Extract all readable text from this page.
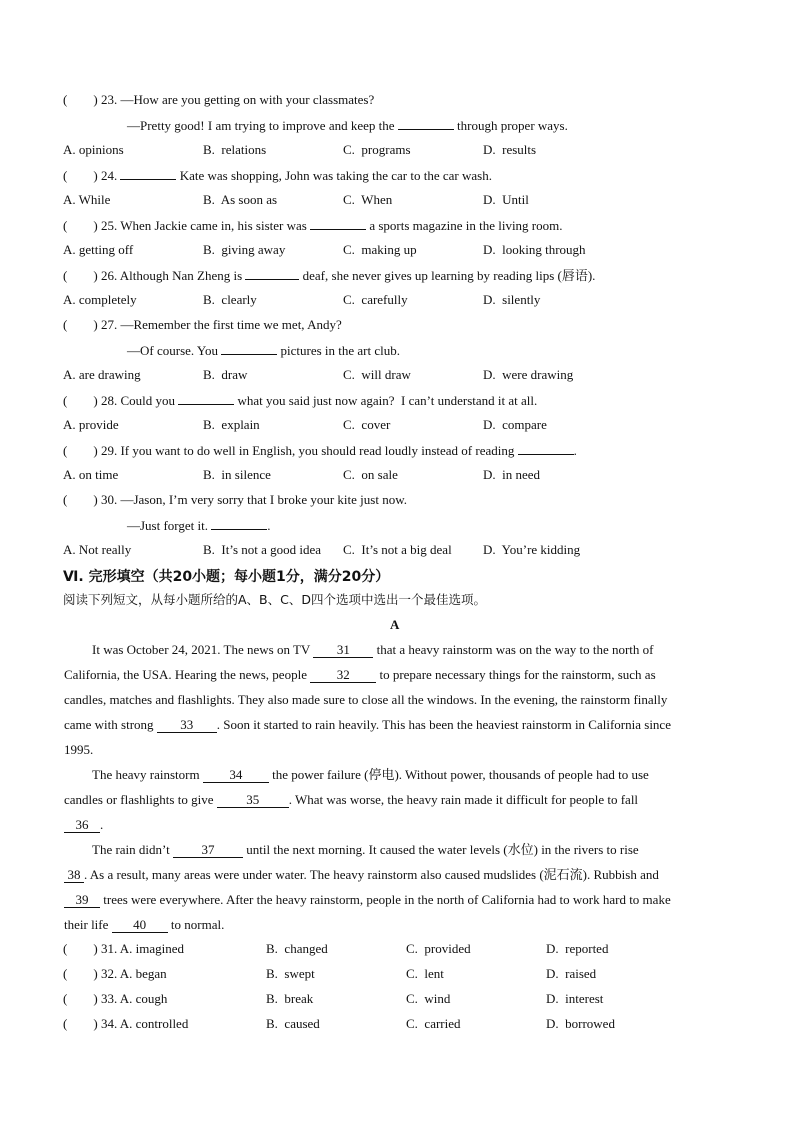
( ) 23. —How are you getting on with your classmates?
—Pretty good! I am trying to improve and keep the	through proper ways.
A. opinions	B.  relations	C.  programs	D.  results
( ) 24.	Kate was shopping, John was taking the car to the car wash.
A. While	B.  As soon as	C.  When	D.  Until
( ) 25. When Jackie came in, his sister was	a sports magazine in the living room.
A. getting off	B.  giving away	C.  making up	D.  looking through
( ) 26. Although Nan Zheng is	deaf, she never gives up learning by reading lips (唇语).
A. completely	B.  clearly	C.  carefully	D.  silently
( ) 27. —Remember the first time we met, Andy?
—Of course. You	pictures in the art club.
A. are drawing	B.  draw	C.  will draw	D.  were drawing
( ) 28. Could you	what you said just now again?  I can’t understand it at all.
A. provide	B.  explain	C.  cover	D.  compare
( ) 29. If you want to do well in English, you should read loudly instead of reading	.
A. on time	B.  in silence	C.  on sale	D.  in need
( ) 30. —Jason, I’m very sorry that I broke your kite just now.
—Just forget it.	.
A. Not really	B.  It’s not a good idea C.  It’s not a big deal D.  You’re kidding
Ⅵ. 完形填空（共20小题；每小题1分，满分20分）
阅读下列短文，从每小题所给的A、B、C、D四个选项中选出一个最佳选项。
A
It was October 24, 2021. The news on TV 31 that a heavy rainstorm was on the way to the north of
California, the USA. Hearing the news, people 32 to prepare necessary things for the rainstorm, such as
candles, matches and flashlights. They also made sure to close all the windows. In the evening, the rainstorm finally
came with strong 33 . Soon it started to rain heavily. This has been the heaviest rainstorm in California since
1995.
The heavy rainstorm 34 the power failure (停电). Without power, thousands of people had to use
candles or flashlights to give 35 . What was worse, the heavy rain made it difficult for people to fall
36 .
The rain didn’t 37 until the next morning. It caused the water levels (水位) in the rivers to rise
38 . As a result, many areas were under water. The heavy rainstorm also caused mudslides (泥石流). Rubbish and
39 trees were everywhere. After the heavy rainstorm, people in the north of California had to work hard to make
their life 40 to normal.
( ) 31. A. imagined	B.  changed	C.  provided	D.  reported
( ) 32. A. began	B.  swept	C.  lent	D.  raised
( ) 33. A. cough	B.  break	C.  wind	D.  interest
( ) 34. A. controlled	B.  caused	C.  carried	D.  borrowed
